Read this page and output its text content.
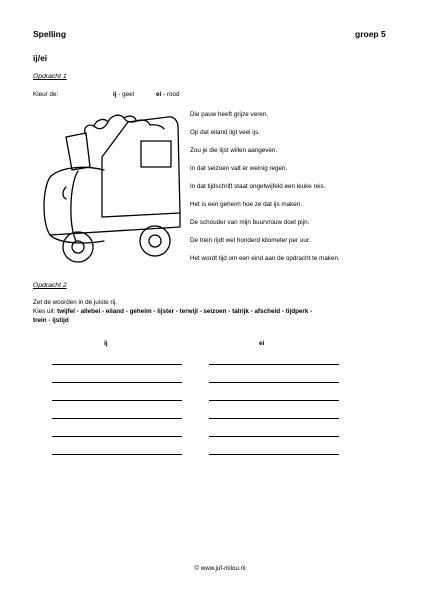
Spelling	groep 5
ij/ei
Opdracht 1
Kleur de:	ij - geel	ei - rood
Die pauw heeft grijze veren.
Op dat eiland ligt veel ijs.
Zou je die lijst willen aangeven.
In dat seizoen valt er weinig regen.
In dat tijdschrift staat ongetwijfeld een leuke reis.
Het is een geheim hoe ze dat ijs maken.
De schouder van mijn buurvrouw doet pijn.
De trein rijdt wel honderd kilometer per uur.
Het wordt tijd om een eind aan de opdracht te maken.
Opdracht 2
Zet de woorden in de juiste rij.
Kies uit: twijfel - allebei - eiland - geheim - lijster - terwijl - seizoen - talrijk - afscheid - tijdperk -
trein - ijstijd
ij	ei
© www.juf-milou.nl
